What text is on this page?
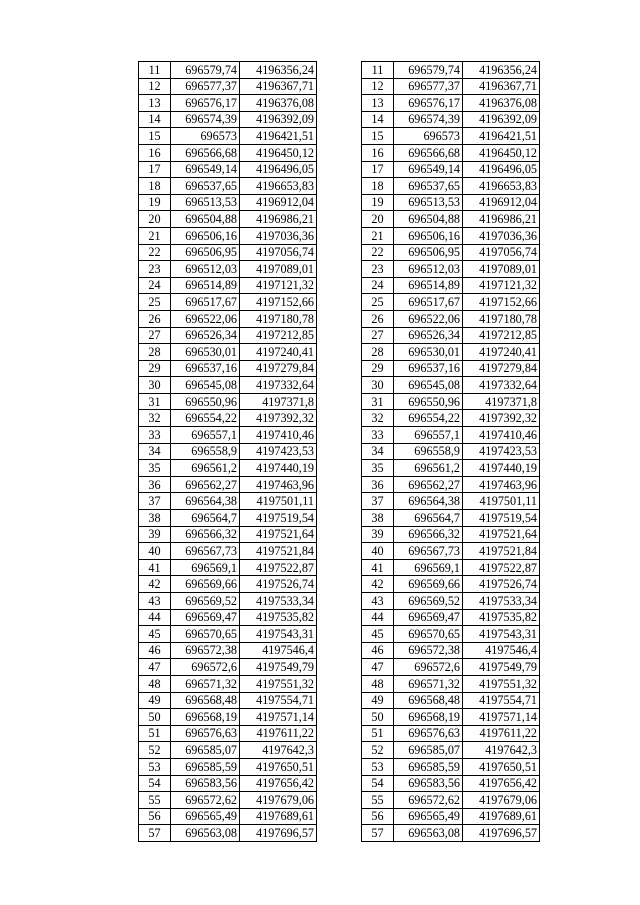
11	696579,74	4196356,24
12	696577,37	4196367,71
13	696576,17	4196376,08
14	696574,39	4196392,09
15	696573	4196421,51
16	696566,68	4196450,12
17	696549,14	4196496,05
18	696537,65	4196653,83
19	696513,53	4196912,04
20	696504,88	4196986,21
21	696506,16	4197036,36
22	696506,95	4197056,74
23	696512,03	4197089,01
24	696514,89	4197121,32
25	696517,67	4197152,66
26	696522,06	4197180,78
27	696526,34	4197212,85
28	696530,01	4197240,41
29	696537,16	4197279,84
30	696545,08	4197332,64
31	696550,96	4197371,8
32	696554,22	4197392,32
33	696557,1	4197410,46
34	696558,9	4197423,53
35	696561,2	4197440,19
36	696562,27	4197463,96
37	696564,38	4197501,11
38	696564,7	4197519,54
39	696566,32	4197521,64
40	696567,73	4197521,84
41	696569,1	4197522,87
42	696569,66	4197526,74
43	696569,52	4197533,34
44	696569,47	4197535,82
45	696570,65	4197543,31
46	696572,38	4197546,4
47	696572,6	4197549,79
48	696571,32	4197551,32
49	696568,48	4197554,71
50	696568,19	4197571,14
51	696576,63	4197611,22
52	696585,07	4197642,3
53	696585,59	4197650,51
54	696583,56	4197656,42
55	696572,62	4197679,06
56	696565,49	4197689,61
57	696563,08	4197696,57
11	696579,74	4196356,24
12	696577,37	4196367,71
13	696576,17	4196376,08
14	696574,39	4196392,09
15	696573	4196421,51
16	696566,68	4196450,12
17	696549,14	4196496,05
18	696537,65	4196653,83
19	696513,53	4196912,04
20	696504,88	4196986,21
21	696506,16	4197036,36
22	696506,95	4197056,74
23	696512,03	4197089,01
24	696514,89	4197121,32
25	696517,67	4197152,66
26	696522,06	4197180,78
27	696526,34	4197212,85
28	696530,01	4197240,41
29	696537,16	4197279,84
30	696545,08	4197332,64
31	696550,96	4197371,8
32	696554,22	4197392,32
33	696557,1	4197410,46
34	696558,9	4197423,53
35	696561,2	4197440,19
36	696562,27	4197463,96
37	696564,38	4197501,11
38	696564,7	4197519,54
39	696566,32	4197521,64
40	696567,73	4197521,84
41	696569,1	4197522,87
42	696569,66	4197526,74
43	696569,52	4197533,34
44	696569,47	4197535,82
45	696570,65	4197543,31
46	696572,38	4197546,4
47	696572,6	4197549,79
48	696571,32	4197551,32
49	696568,48	4197554,71
50	696568,19	4197571,14
51	696576,63	4197611,22
52	696585,07	4197642,3
53	696585,59	4197650,51
54	696583,56	4197656,42
55	696572,62	4197679,06
56	696565,49	4197689,61
57	696563,08	4197696,57
